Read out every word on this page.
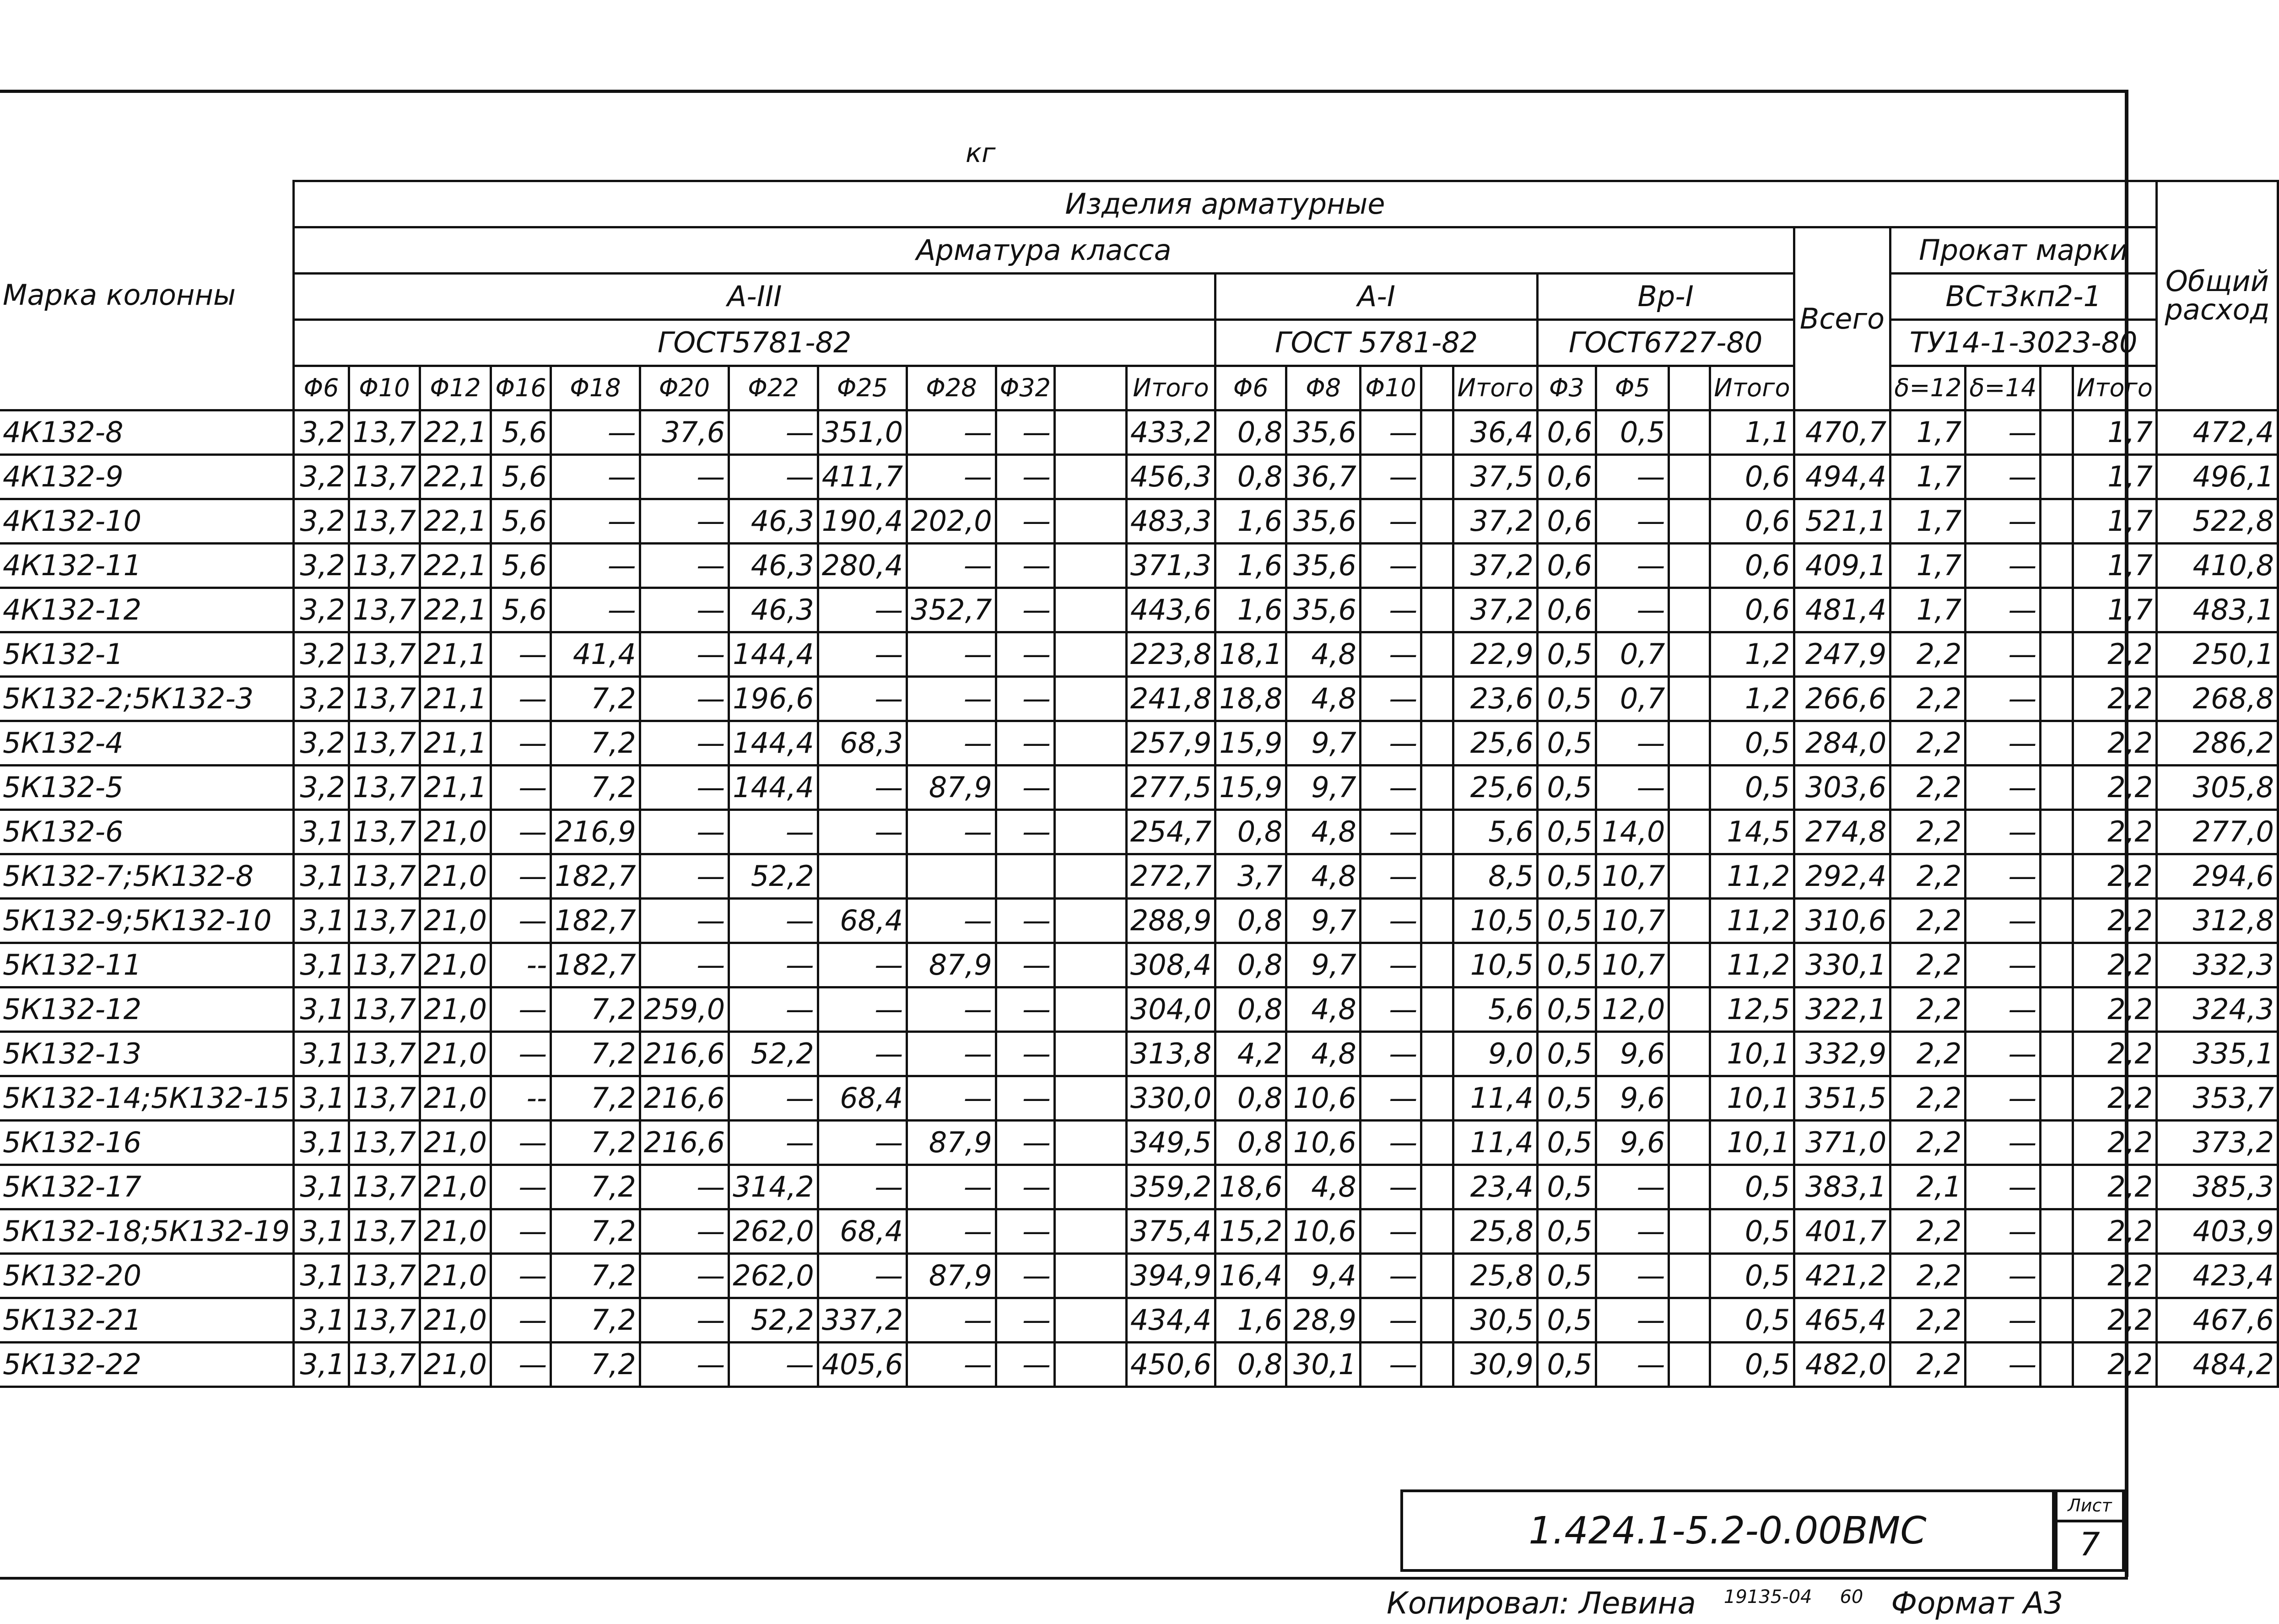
кг
Марка колонны	Изделия арматурные																										Общий расход
	Арматура класса																					Всего	Прокат марки				
	А-III												А-I					Вр-I					ВСт3кп2-1				
	ГОСТ5781-82												ГОСТ 5781-82					ГОСТ6727-80					ТУ14-1-3023-80				
	Φ6	Φ10	Φ12	Φ16	Φ18	Φ20	Φ22	Φ25	Φ28	Φ32		Итого	Φ6	Φ8	Φ10		Итого	Φ3	Φ5		Итого		δ=12	δ=14		Итого	
4К132-8	3,2	13,7	22,1	5,6	—	37,6	—	351,0	—	—		433,2	0,8	35,6	—		36,4	0,6	0,5		1,1	470,7	1,7	—		1,7	472,4
4К132-9	3,2	13,7	22,1	5,6	—	—	—	411,7	—	—		456,3	0,8	36,7	—		37,5	0,6	—		0,6	494,4	1,7	—		1,7	496,1
4К132-10	3,2	13,7	22,1	5,6	—	—	46,3	190,4	202,0	—		483,3	1,6	35,6	—		37,2	0,6	—		0,6	521,1	1,7	—		1,7	522,8
4К132-11	3,2	13,7	22,1	5,6	—	—	46,3	280,4	—	—		371,3	1,6	35,6	—		37,2	0,6	—		0,6	409,1	1,7	—		1,7	410,8
4К132-12	3,2	13,7	22,1	5,6	—	—	46,3	—	352,7	—		443,6	1,6	35,6	—		37,2	0,6	—		0,6	481,4	1,7	—		1,7	483,1
5К132-1	3,2	13,7	21,1	—	41,4	—	144,4	—	—	—		223,8	18,1	4,8	—		22,9	0,5	0,7		1,2	247,9	2,2	—		2,2	250,1
5К132-2;5К132-3	3,2	13,7	21,1	—	7,2	—	196,6	—	—	—		241,8	18,8	4,8	—		23,6	0,5	0,7		1,2	266,6	2,2	—		2,2	268,8
5К132-4	3,2	13,7	21,1	—	7,2	—	144,4	68,3	—	—		257,9	15,9	9,7	—		25,6	0,5	—		0,5	284,0	2,2	—		2,2	286,2
5К132-5	3,2	13,7	21,1	—	7,2	—	144,4	—	87,9	—		277,5	15,9	9,7	—		25,6	0,5	—		0,5	303,6	2,2	—		2,2	305,8
5К132-6	3,1	13,7	21,0	—	216,9	—	—	—	—	—		254,7	0,8	4,8	—		5,6	0,5	14,0		14,5	274,8	2,2	—		2,2	277,0
5К132-7;5К132-8	3,1	13,7	21,0	—	182,7	—	52,2					272,7	3,7	4,8	—		8,5	0,5	10,7		11,2	292,4	2,2	—		2,2	294,6
5К132-9;5К132-10	3,1	13,7	21,0	—	182,7	—	—	68,4	—	—		288,9	0,8	9,7	—		10,5	0,5	10,7		11,2	310,6	2,2	—		2,2	312,8
5К132-11	3,1	13,7	21,0	--	182,7	—	—	—	87,9	—		308,4	0,8	9,7	—		10,5	0,5	10,7		11,2	330,1	2,2	—		2,2	332,3
5К132-12	3,1	13,7	21,0	—	7,2	259,0	—	—	—	—		304,0	0,8	4,8	—		5,6	0,5	12,0		12,5	322,1	2,2	—		2,2	324,3
5К132-13	3,1	13,7	21,0	—	7,2	216,6	52,2	—	—	—		313,8	4,2	4,8	—		9,0	0,5	9,6		10,1	332,9	2,2	—		2,2	335,1
5К132-14;5К132-15	3,1	13,7	21,0	--	7,2	216,6	—	68,4	—	—		330,0	0,8	10,6	—		11,4	0,5	9,6		10,1	351,5	2,2	—		2,2	353,7
5К132-16	3,1	13,7	21,0	—	7,2	216,6	—	—	87,9	—		349,5	0,8	10,6	—		11,4	0,5	9,6		10,1	371,0	2,2	—		2,2	373,2
5К132-17	3,1	13,7	21,0	—	7,2	—	314,2	—	—	—		359,2	18,6	4,8	—		23,4	0,5	—		0,5	383,1	2,1	—		2,2	385,3
5К132-18;5К132-19	3,1	13,7	21,0	—	7,2	—	262,0	68,4	—	—		375,4	15,2	10,6	—		25,8	0,5	—		0,5	401,7	2,2	—		2,2	403,9
5К132-20	3,1	13,7	21,0	—	7,2	—	262,0	—	87,9	—		394,9	16,4	9,4	—		25,8	0,5	—		0,5	421,2	2,2	—		2,2	423,4
5К132-21	3,1	13,7	21,0	—	7,2	—	52,2	337,2	—	—		434,4	1,6	28,9	—		30,5	0,5	—		0,5	465,4	2,2	—		2,2	467,6
5К132-22	3,1	13,7	21,0	—	7,2	—	—	405,6	—	—		450,6	0,8	30,1	—		30,9	0,5	—		0,5	482,0	2,2	—		2,2	484,2
1.424.1-5.2-0.00ВМС
Лист
7
Копировал: Левина $^{19135-04}$ $^{60}$ Формат А3
